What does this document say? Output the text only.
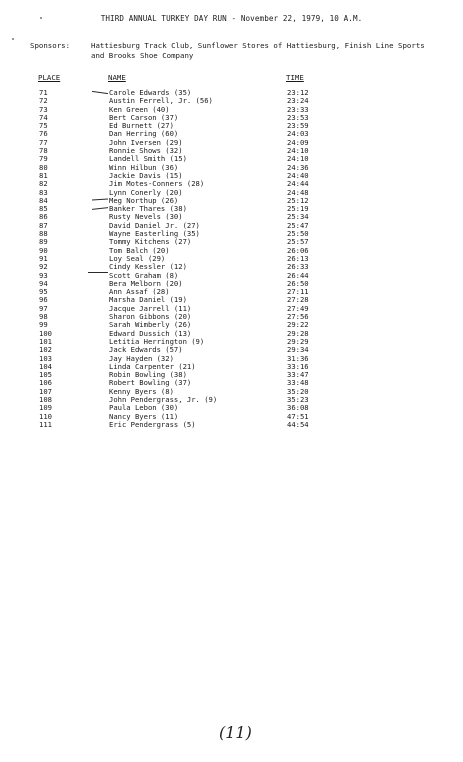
THIRD ANNUAL TURKEY DAY RUN - November 22, 1979, 10 A.M.
Sponsors:	Hattiesburg Track Club, Sunflower Stores of Hattiesburg, Finish Line Sports
and Brooks Shoe Company
PLACE	NAME	TIME
71	Carole Edwards (35)	23:12
72	Austin Ferrell, Jr. (56)	23:24
73	Ken Green (40)	23:33
74	Bert Carson (37)	23:53
75	Ed Burnett (27)	23:59
76	Dan Herring (60)	24:03
77	John Iversen (29)	24:09
78	Ronnie Shows (32)	24:10
79	Landell Smith (15)	24:10
80	Winn Hilbun (36)	24:36
81	Jackie Davis (15)	24:40
82	Jim Motes-Conners (28)	24:44
83	Lynn Conerly (20)	24:48
84	Meg Northup (26)	25:12
85	Banker Thares (38)	25:19
86	Rusty Nevels (30)	25:34
87	David Daniel Jr. (27)	25:47
88	Wayne Easterling (35)	25:50
89	Tommy Kitchens (27)	25:57
90	Tom Balch (20)	26:06
91	Loy Seal (29)	26:13
92	Cindy Kessler (12)	26:33
93	Scott Graham (8)	26:44
94	Bera Melborn (20)	26:50
95	Ann Assaf (28)	27:11
96	Marsha Daniel (19)	27:28
97	Jacque Jarrell (11)	27:49
98	Sharon Gibbons (20)	27:56
99	Sarah Wimberly (26)	29:22
100	Edward Dussich (13)	29:28
101	Letitia Herrington (9)	29:29
102	Jack Edwards (57)	29:34
103	Jay Hayden (32)	31:36
104	Linda Carpenter (21)	33:16
105	Robin Bowling (38)	33:47
106	Robert Bowling (37)	33:48
107	Kenny Byers (8)	35:20
108	John Pendergrass, Jr. (9)	35:23
109	Paula Lebon (30)	36:08
110	Nancy Byers (11)	47:51
111	Eric Pendergrass (5)	44:54
(11)
